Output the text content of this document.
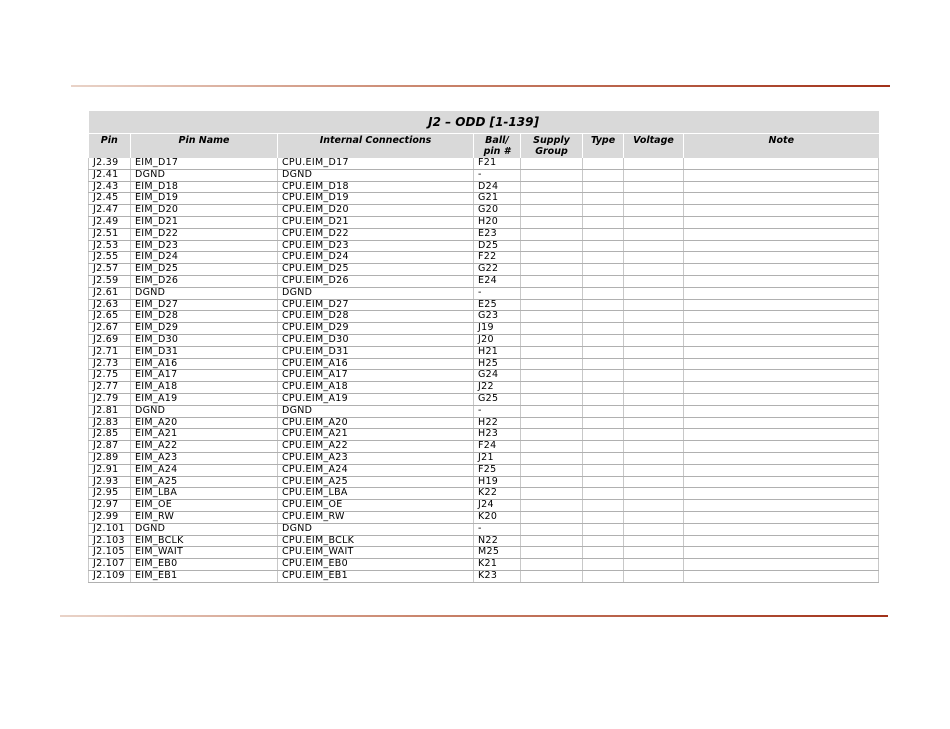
J2 – ODD [1-139]							
Pin	Pin Name	Internal Connections	Ball/ pin #	Supply Group	Type	Voltage	Note
J2.39	EIM_D17	CPU.EIM_D17	F21				
J2.41	DGND	DGND	-				
J2.43	EIM_D18	CPU.EIM_D18	D24				
J2.45	EIM_D19	CPU.EIM_D19	G21				
J2.47	EIM_D20	CPU.EIM_D20	G20				
J2.49	EIM_D21	CPU.EIM_D21	H20				
J2.51	EIM_D22	CPU.EIM_D22	E23				
J2.53	EIM_D23	CPU.EIM_D23	D25				
J2.55	EIM_D24	CPU.EIM_D24	F22				
J2.57	EIM_D25	CPU.EIM_D25	G22				
J2.59	EIM_D26	CPU.EIM_D26	E24				
J2.61	DGND	DGND	-				
J2.63	EIM_D27	CPU.EIM_D27	E25				
J2.65	EIM_D28	CPU.EIM_D28	G23				
J2.67	EIM_D29	CPU.EIM_D29	J19				
J2.69	EIM_D30	CPU.EIM_D30	J20				
J2.71	EIM_D31	CPU.EIM_D31	H21				
J2.73	EIM_A16	CPU.EIM_A16	H25				
J2.75	EIM_A17	CPU.EIM_A17	G24				
J2.77	EIM_A18	CPU.EIM_A18	J22				
J2.79	EIM_A19	CPU.EIM_A19	G25				
J2.81	DGND	DGND	-				
J2.83	EIM_A20	CPU.EIM_A20	H22				
J2.85	EIM_A21	CPU.EIM_A21	H23				
J2.87	EIM_A22	CPU.EIM_A22	F24				
J2.89	EIM_A23	CPU.EIM_A23	J21				
J2.91	EIM_A24	CPU.EIM_A24	F25				
J2.93	EIM_A25	CPU.EIM_A25	H19				
J2.95	EIM_LBA	CPU.EIM_LBA	K22				
J2.97	EIM_OE	CPU.EIM_OE	J24				
J2.99	EIM_RW	CPU.EIM_RW	K20				
J2.101	DGND	DGND	-				
J2.103	EIM_BCLK	CPU.EIM_BCLK	N22				
J2.105	EIM_WAIT	CPU.EIM_WAIT	M25				
J2.107	EIM_EB0	CPU.EIM_EB0	K21				
J2.109	EIM_EB1	CPU.EIM_EB1	K23				
